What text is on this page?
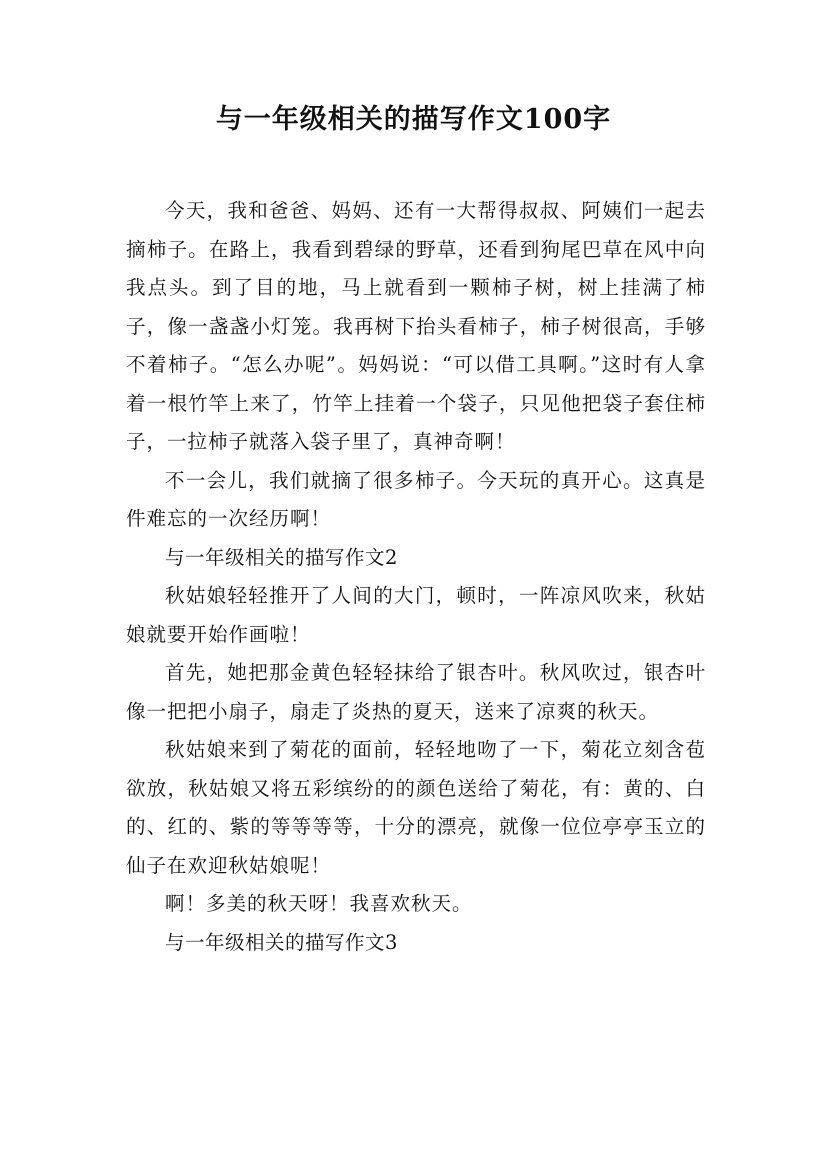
与一年级相关的描写作文100字

今天，我和爸爸、妈妈、还有一大帮得叔叔、阿姨们一起去摘柿子。在路上，我看到碧绿的野草，还看到狗尾巴草在风中向我点头。到了目的地，马上就看到一颗柿子树，树上挂满了柿子，像一盏盏小灯笼。我再树下抬头看柿子，柿子树很高，手够不着柿子。“怎么办呢”。妈妈说：“可以借工具啊。”这时有人拿着一根竹竿上来了，竹竿上挂着一个袋子，只见他把袋子套住柿子，一拉柿子就落入袋子里了，真神奇啊！

不一会儿，我们就摘了很多柿子。今天玩的真开心。这真是件难忘的一次经历啊！

与一年级相关的描写作文2

秋姑娘轻轻推开了人间的大门，顿时，一阵凉风吹来，秋姑娘就要开始作画啦！

首先，她把那金黄色轻轻抹给了银杏叶。秋风吹过，银杏叶像一把把小扇子，扇走了炎热的夏天，送来了凉爽的秋天。

秋姑娘来到了菊花的面前，轻轻地吻了一下，菊花立刻含苞欲放，秋姑娘又将五彩缤纷的的颜色送给了菊花，有：黄的、白的、红的、紫的等等等等，十分的漂亮，就像一位位亭亭玉立的仙子在欢迎秋姑娘呢！

啊！多美的秋天呀！我喜欢秋天。

与一年级相关的描写作文3
